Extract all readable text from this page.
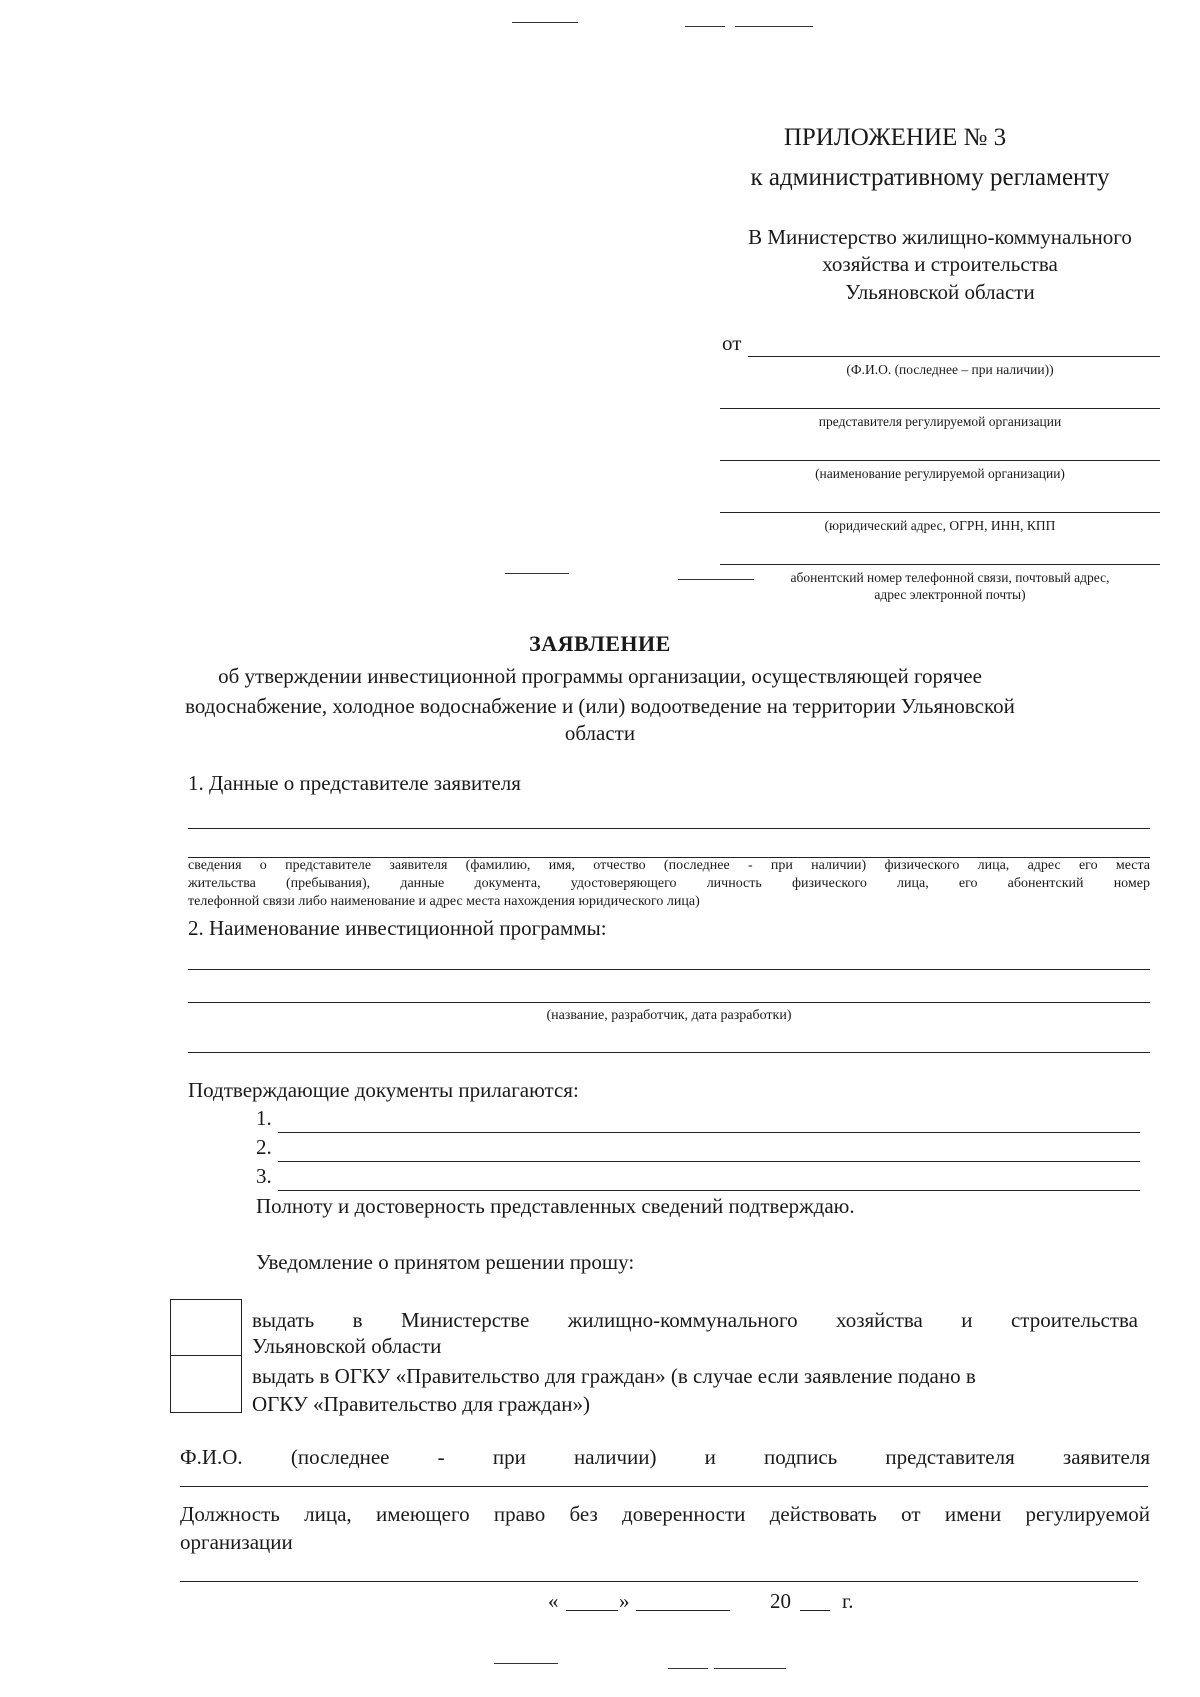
ПРИЛОЖЕНИЕ № 3
к административному регламенту
В Министерство жилищно-коммунального
хозяйства и строительства
Ульяновской области
от
(Ф.И.О. (последнее – при наличии))
представителя регулируемой организации
(наименование регулируемой организации)
(юридический адрес, ОГРН, ИНН, КПП
абонентский номер телефонной связи, почтовый адрес,
адрес электронной почты)
ЗАЯВЛЕНИЕ
об утверждении инвестиционной программы организации, осуществляющей горячее
водоснабжение, холодное водоснабжение и (или) водоотведение на территории Ульяновской
области
1. Данные о представителе заявителя
сведения о представителе заявителя (фамилию, имя, отчество (последнее - при наличии) физического лица, адрес его места
жительства (пребывания), данные документа, удостоверяющего личность физического лица, его абонентский номер
телефонной связи либо наименование и адрес места нахождения юридического лица)
2. Наименование инвестиционной программы:
(название, разработчик, дата разработки)
Подтверждающие документы прилагаются:
1.
2.
3.
Полноту и достоверность представленных сведений подтверждаю.
Уведомление о принятом решении прошу:
выдать в Министерстве жилищно-коммунального хозяйства и строительства
Ульяновской области
выдать в ОГКУ «Правительство для граждан» (в случае если заявление подано в
ОГКУ «Правительство для граждан»)
Ф.И.О. (последнее - при наличии) и подпись представителя заявителя
Должность лица, имеющего право без доверенности действовать от имени регулируемой
организации
«	»	20 г.
